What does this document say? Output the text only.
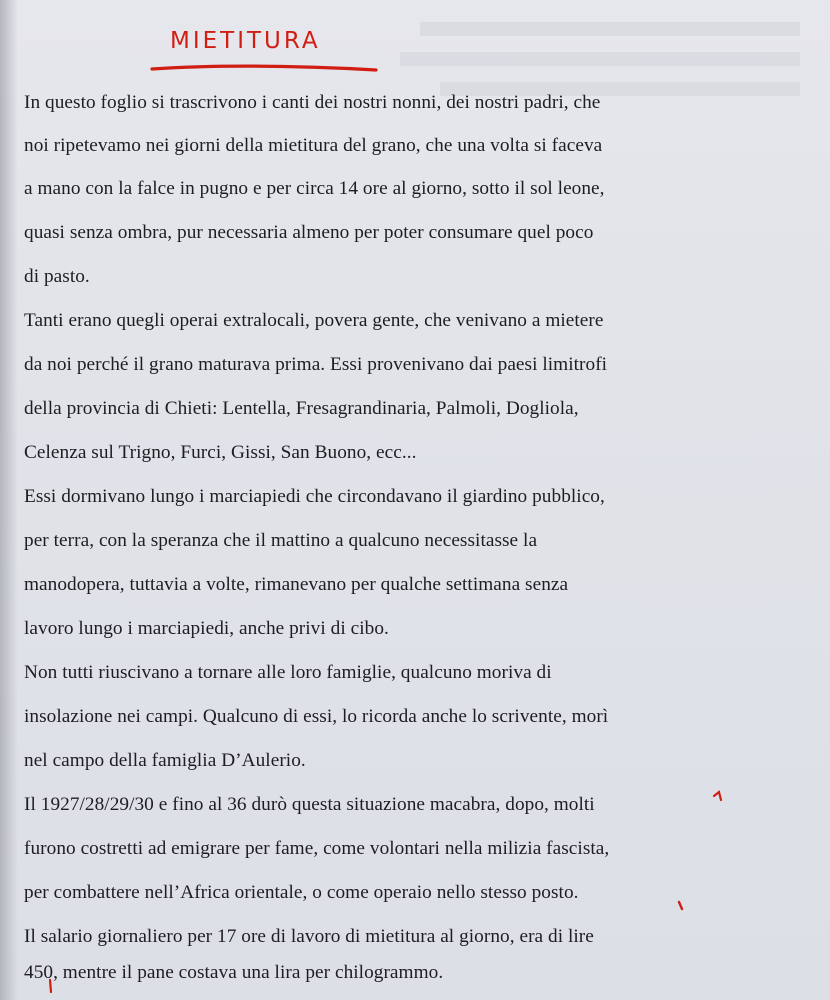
MIETITURA
In questo foglio si trascrivono i canti dei nostri nonni, dei nostri padri, che
noi ripetevamo nei giorni della mietitura del grano, che una volta si faceva
a mano con la falce in pugno e per circa 14 ore al giorno, sotto il sol leone,
quasi senza ombra, pur necessaria almeno per poter consumare quel poco
di pasto.
Tanti erano quegli operai extralocali, povera gente, che venivano a mietere
da noi perché il grano maturava prima. Essi provenivano dai paesi limitrofi
della provincia di Chieti: Lentella, Fresagrandinaria, Palmoli, Dogliola,
Celenza sul Trigno, Furci, Gissi, San Buono, ecc...
Essi dormivano lungo i marciapiedi che circondavano il giardino pubblico,
per terra, con la speranza che il mattino a qualcuno necessitasse la
manodopera, tuttavia a volte, rimanevano per qualche settimana senza
lavoro lungo i marciapiedi, anche privi di cibo.
Non tutti riuscivano a tornare alle loro famiglie, qualcuno moriva di
insolazione nei campi. Qualcuno di essi, lo ricorda anche lo scrivente, morì
nel campo della famiglia D’Aulerio.
Il 1927/28/29/30 e fino al 36 durò questa situazione macabra, dopo, molti
furono costretti ad emigrare per fame, come volontari nella milizia fascista,
per combattere nell’Africa orientale, o come operaio nello stesso posto.
Il salario giornaliero per 17 ore di lavoro di mietitura al giorno, era di lire
450, mentre il pane costava una lira per chilogrammo.
